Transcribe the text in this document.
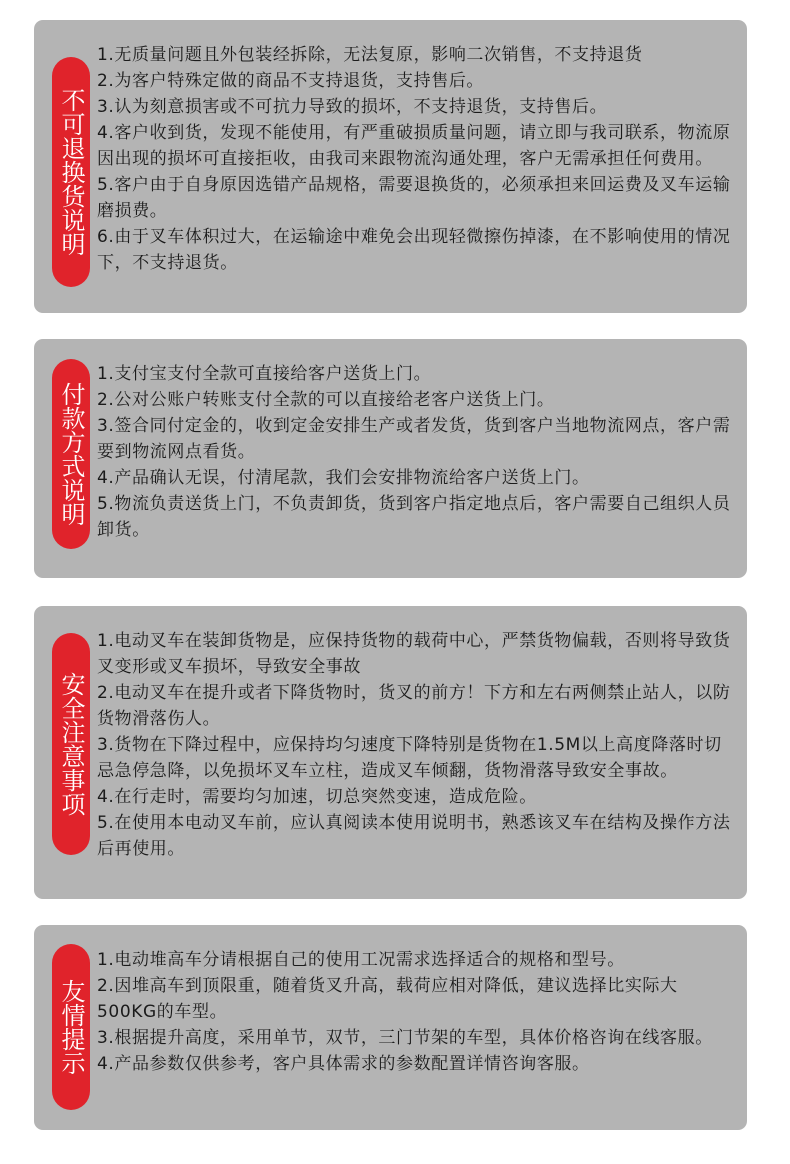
不可退换货说明
1.无质量问题且外包装经拆除，无法复原，影响二次销售，不支持退货
2.为客户特殊定做的商品不支持退货，支持售后。
3.认为刻意损害或不可抗力导致的损坏，不支持退货，支持售后。
4.客户收到货，发现不能使用，有严重破损质量问题，请立即与我司联系，物流原因出现的损坏可直接拒收，由我司来跟物流沟通处理，客户无需承担任何费用。
5.客户由于自身原因选错产品规格，需要退换货的，必须承担来回运费及叉车运输磨损费。
6.由于叉车体积过大，在运输途中难免会出现轻微擦伤掉漆，在不影响使用的情况下，不支持退货。
付款方式说明
1.支付宝支付全款可直接给客户送货上门。
2.公对公账户转账支付全款的可以直接给老客户送货上门。
3.签合同付定金的，收到定金安排生产或者发货，货到客户当地物流网点，客户需要到物流网点看货。
4.产品确认无误，付清尾款，我们会安排物流给客户送货上门。
5.物流负责送货上门，不负责卸货，货到客户指定地点后，客户需要自己组织人员卸货。
安全注意事项
1.电动叉车在装卸货物是，应保持货物的载荷中心，严禁货物偏载，否则将导致货叉变形或叉车损坏，导致安全事故
2.电动叉车在提升或者下降货物时，货叉的前方！下方和左右两侧禁止站人，以防货物滑落伤人。
3.货物在下降过程中，应保持均匀速度下降特别是货物在1.5M以上高度降落时切忌急停急降，以免损坏叉车立柱，造成叉车倾翻，货物滑落导致安全事故。
4.在行走时，需要均匀加速，切总突然变速，造成危险。
5.在使用本电动叉车前，应认真阅读本使用说明书，熟悉该叉车在结构及操作方法后再使用。
友情提示
1.电动堆高车分请根据自己的使用工况需求选择适合的规格和型号。
2.因堆高车到顶限重，随着货叉升高，载荷应相对降低，建议选择比实际大500KG的车型。
3.根据提升高度，采用单节，双节，三门节架的车型，具体价格咨询在线客服。
4.产品参数仅供参考，客户具体需求的参数配置详情咨询客服。
